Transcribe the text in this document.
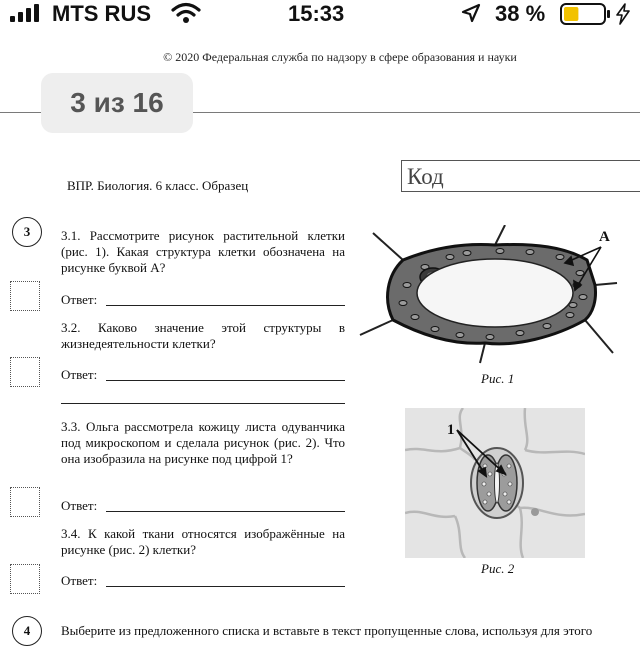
MTS RUS	15:33	38 %
© 2020 Федеральная служба по надзору в сфере образования и науки
3 из 16
ВПР. Биология. 6 класс. Образец	Код
3	3.1. Рассмотрите рисунок растительной клетки (рис. 1). Какая структура клетки обозначена на рисунке буквой А?
Ответ:
3.2. Каково значение этой структуры в жизнедеятельности клетки?
Ответ:
3.3. Ольга рассмотрела кожицу листа одуванчика под микроскопом и сделала рисунок (рис. 2). Что она изобразила на рисунке под цифрой 1?
Ответ:
3.4. К какой ткани относятся изображённые на рисунке (рис. 2) клетки?
Ответ:
А
Рис. 1
1
Рис. 2
4	Выберите из предложенного списка и вставьте в текст пропущенные слова, используя для этого
